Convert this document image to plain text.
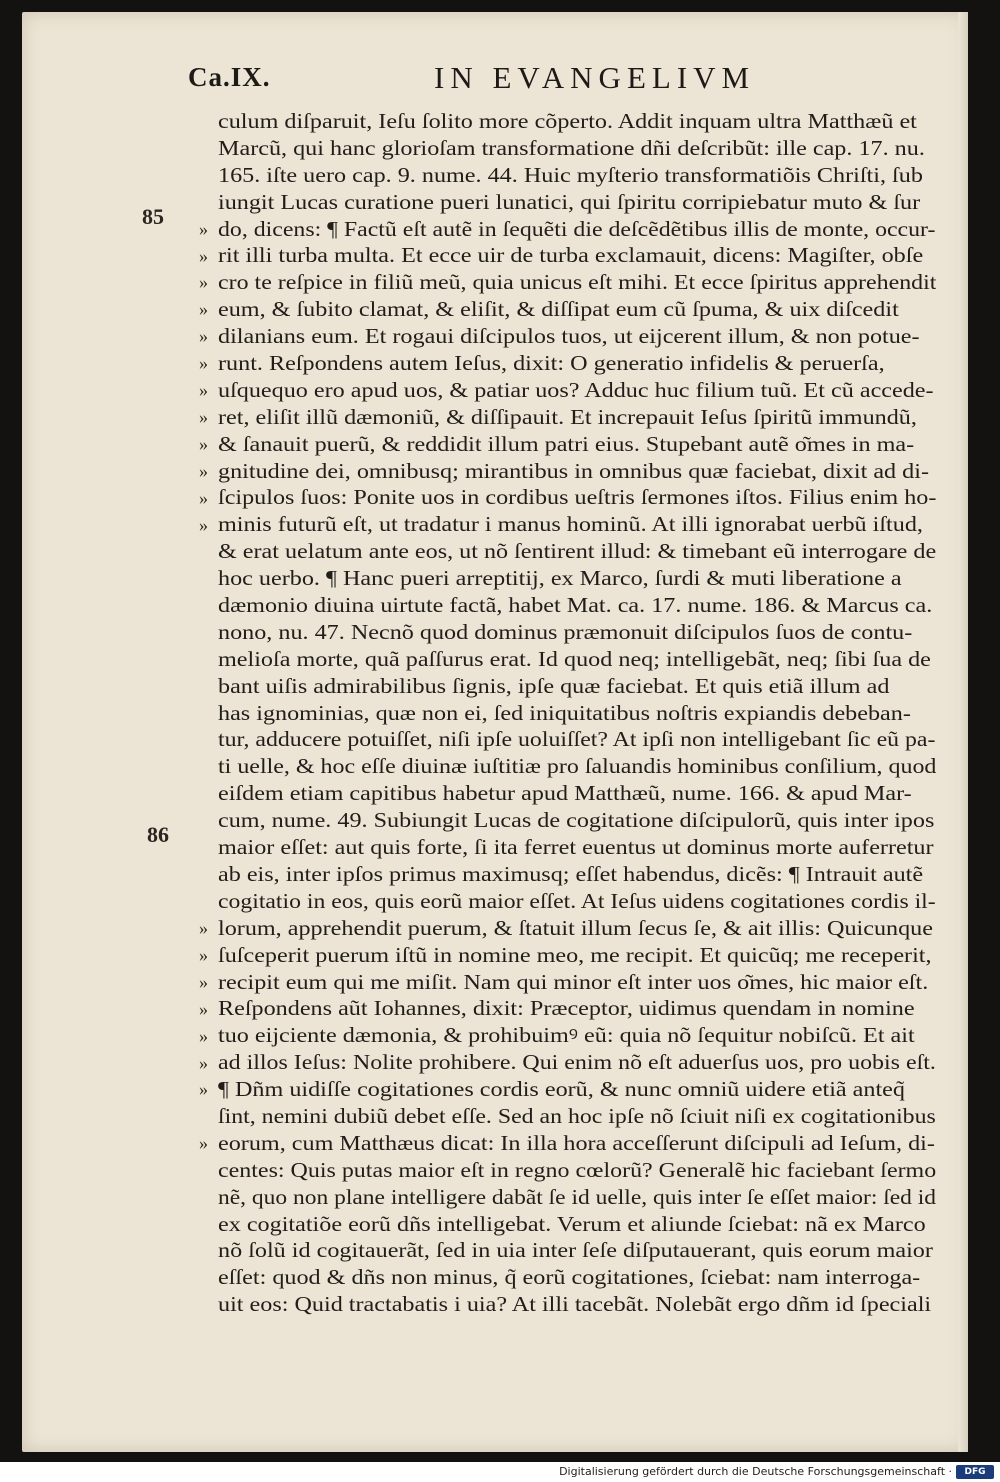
Ca.IX.	IN EVANGELIVM
85
86
culum diſparuit, Ieſu ſolito more cõperto. Addit inquam ultra Matthæũ et
Marcũ, qui hanc glorioſam transformatione dñi deſcribũt: ille cap. 17. nu.
165. iſte uero cap. 9. nume. 44. Huic myſterio transformatiõis Chriſti, ſub
iungit Lucas curatione pueri lunatici, qui ſpiritu corripiebatur muto & ſur
do, dicens: ¶ Factũ eſt autẽ in ſequẽti die deſcẽdẽtibus illis de monte, occur-
rit illi turba multa. Et ecce uir de turba exclamauit, dicens: Magiſter, obſe
cro te reſpice in filiũ meũ, quia unicus eſt mihi. Et ecce ſpiritus apprehendit
eum, & ſubito clamat, & eliſit, & diſſipat eum cũ ſpuma, & uix diſcedit
dilanians eum. Et rogaui diſcipulos tuos, ut eijcerent illum, & non potue-
runt. Reſpondens autem Ieſus, dixit: O generatio infidelis & peruerſa,
uſquequo ero apud uos, & patiar uos? Adduc huc filium tuũ. Et cũ accede-
ret, eliſit illũ dæmoniũ, & diſſipauit. Et increpauit Ieſus ſpiritũ immundũ,
& ſanauit puerũ, & reddidit illum patri eius. Stupebant autẽ o͂mes in ma-
gnitudine dei, omnibusq; mirantibus in omnibus quæ faciebat, dixit ad di-
ſcipulos ſuos: Ponite uos in cordibus ueſtris ſermones iſtos. Filius enim ho-
minis futurũ eſt, ut tradatur i manus hominũ. At illi ignorabat uerbũ iſtud,
& erat uelatum ante eos, ut nõ ſentirent illud: & timebant eũ interrogare de
hoc uerbo. ¶ Hanc pueri arreptitij, ex Marco, ſurdi & muti liberatione a
dæmonio diuina uirtute factã, habet Mat. ca. 17. nume. 186. & Marcus ca.
nono, nu. 47. Necnõ quod dominus præmonuit diſcipulos ſuos de contu-
melioſa morte, quã paſſurus erat. Id quod neq; intelligebãt, neq; ſibi ſua de
bant uiſis admirabilibus ſignis, ipſe quæ faciebat. Et quis etiã illum ad
has ignominias, quæ non ei, ſed iniquitatibus noſtris expiandis debeban-
tur, adducere potuiſſet, niſi ipſe uoluiſſet? At ipſi non intelligebant ſic eũ pa-
ti uelle, & hoc eſſe diuinæ iuſtitiæ pro ſaluandis hominibus conſilium, quod
eiſdem etiam capitibus habetur apud Matthæũ, nume. 166. & apud Mar-
cum, nume. 49. Subiungit Lucas de cogitatione diſcipulorũ, quis inter ipos
maior eſſet: aut quis forte, ſi ita ferret euentus ut dominus morte auferretur
ab eis, inter ipſos primus maximusq; eſſet habendus, dicẽs: ¶ Intrauit autẽ
cogitatio in eos, quis eorũ maior eſſet. At Ieſus uidens cogitationes cordis il-
lorum, apprehendit puerum, & ſtatuit illum ſecus ſe, & ait illis: Quicunque
ſuſceperit puerum iſtũ in nomine meo, me recipit. Et quicũq; me receperit,
recipit eum qui me miſit. Nam qui minor eſt inter uos o͂mes, hic maior eſt.
Reſpondens aũt Iohannes, dixit: Præceptor, uidimus quendam in nomine
tuo eijciente dæmonia, & prohibuimꝰ eũ: quia nõ ſequitur nobiſcũ. Et ait
ad illos Ieſus: Nolite prohibere. Qui enim nõ eſt aduerſus uos, pro uobis eſt.
¶ Dñm uidiſſe cogitationes cordis eorũ, & nunc omniũ uidere etiã anteq̃
ſint, nemini dubiũ debet eſſe. Sed an hoc ipſe nõ ſciuit niſi ex cogitationibus
eorum, cum Matthæus dicat: In illa hora acceſſerunt diſcipuli ad Ieſum, di-
centes: Quis putas maior eſt in regno cœlorũ? Generalẽ hic faciebant ſermo
nẽ, quo non plane intelligere dabãt ſe id uelle, quis inter ſe eſſet maior: ſed id
ex cogitatiõe eorũ dñs intelligebat. Verum et aliunde ſciebat: nã ex Marco
nõ ſolũ id cogitauerãt, ſed in uia inter ſeſe diſputauerant, quis eorum maior
eſſet: quod & dñs non minus, q̃ eorũ cogitationes, ſciebat: nam interroga-
uit eos: Quid tractabatis i uia? At illi tacebãt. Nolebãt ergo dñm id ſpeciali
»
»
»
»
»
»
»
»
»
»
»
»
»
»
»
»
»
»
»
»
Digitalisierung gefördert durch die Deutsche Forschungsgemeinschaft ·	DFG
